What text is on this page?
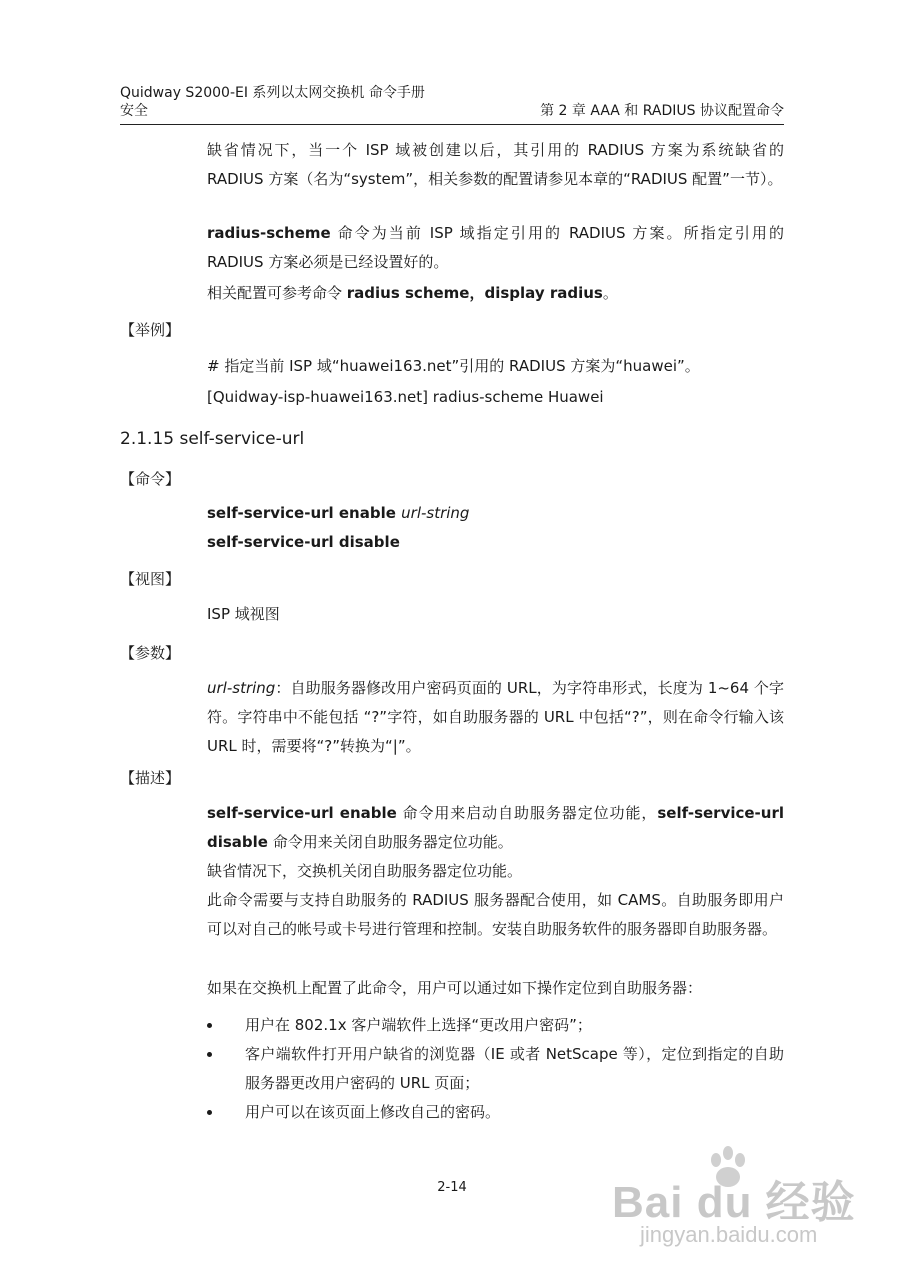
Quidway S2000-EI 系列以太网交换机 命令手册
安全	第 2 章 AAA 和 RADIUS 协议配置命令
缺省情况下，当一个 ISP 域被创建以后，其引用的 RADIUS 方案为系统缺省的 RADIUS 方案（名为“system”，相关参数的配置请参见本章的“RADIUS 配置”一节）。
radius-scheme 命令为当前 ISP 域指定引用的 RADIUS 方案。所指定引用的 RADIUS 方案必须是已经设置好的。
相关配置可参考命令 radius scheme，display radius。
【举例】
# 指定当前 ISP 域“huawei163.net”引用的 RADIUS 方案为“huawei”。
[Quidway-isp-huawei163.net] radius-scheme Huawei
2.1.15 self-service-url
【命令】
self-service-url enable url-string
self-service-url disable
【视图】
ISP 域视图
【参数】
url-string：自助服务器修改用户密码页面的 URL，为字符串形式，长度为 1~64 个字符。字符串中不能包括 “?”字符，如自助服务器的 URL 中包括“?”，则在命令行输入该 URL 时，需要将“?”转换为“|”。
【描述】
self-service-url enable 命令用来启动自助服务器定位功能，self-service-url disable 命令用来关闭自助服务器定位功能。
缺省情况下，交换机关闭自助服务器定位功能。
此命令需要与支持自助服务的 RADIUS 服务器配合使用，如 CAMS。自助服务即用户可以对自己的帐号或卡号进行管理和控制。安装自助服务软件的服务器即自助服务器。
如果在交换机上配置了此命令，用户可以通过如下操作定位到自助服务器：
用户在 802.1x 客户端软件上选择“更改用户密码”；
客户端软件打开用户缺省的浏览器（IE 或者 NetScape 等），定位到指定的自助服务器更改用户密码的 URL 页面；
用户可以在该页面上修改自己的密码。
2-14	Bai du 经验
jingyan.baidu.com
